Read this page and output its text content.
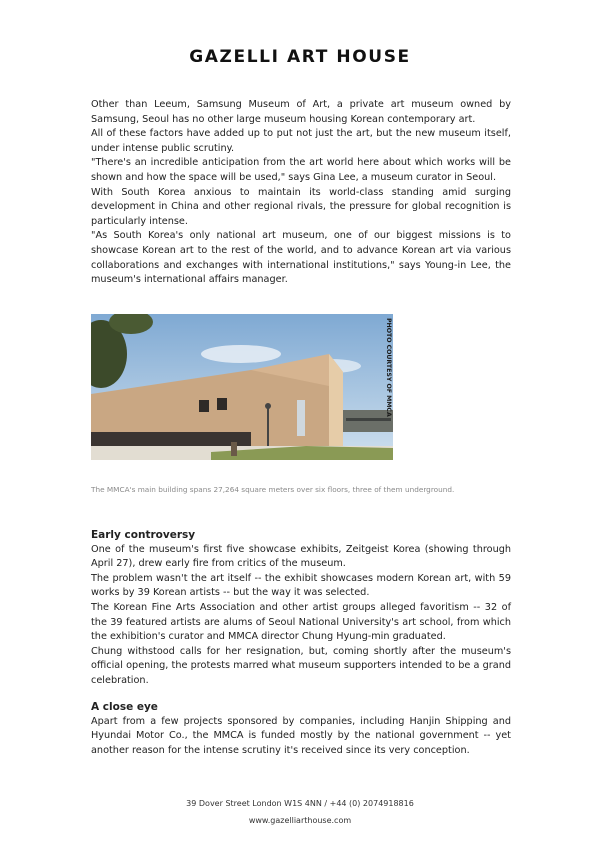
GAZELLI ART HOUSE

Other than Leeum, Samsung Museum of Art, a private art museum owned by Samsung, Seoul has no other large museum housing Korean contemporary art.

All of these factors have added up to put not just the art, but the new museum itself, under intense public scrutiny.

"There's an incredible anticipation from the art world here about which works will be shown and how the space will be used," says Gina Lee, a museum curator in Seoul.

With South Korea anxious to maintain its world-class standing amid surging development in China and other regional rivals, the pressure for global recognition is particularly intense.

"As South Korea's only national art museum, one of our biggest missions is to showcase Korean art to the rest of the world, and to advance Korean art via various collaborations and exchanges with international institutions," says Young-in Lee, the museum's international affairs manager.

PHOTO COURTESY OF MMCA
The MMCA's main building spans 27,264 square meters over six floors, three of them underground.

Early controversy

One of the museum's first five showcase exhibits, Zeitgeist Korea (showing through April 27), drew early fire from critics of the museum.

The problem wasn't the art itself -- the exhibit showcases modern Korean art, with 59 works by 39 Korean artists -- but the way it was selected.

The Korean Fine Arts Association and other artist groups alleged favoritism -- 32 of the 39 featured artists are alums of Seoul National University's art school, from which the exhibition's curator and MMCA director Chung Hyung-min graduated.

Chung withstood calls for her resignation, but, coming shortly after the museum's official opening, the protests marred what museum supporters intended to be a grand celebration.

A close eye

Apart from a few projects sponsored by companies, including Hanjin Shipping and Hyundai Motor Co., the MMCA is funded mostly by the national government -- yet another reason for the intense scrutiny it's received since its very conception.

39 Dover Street London W1S 4NN / +44 (0) 2074918816
www.gazelliarthouse.com
